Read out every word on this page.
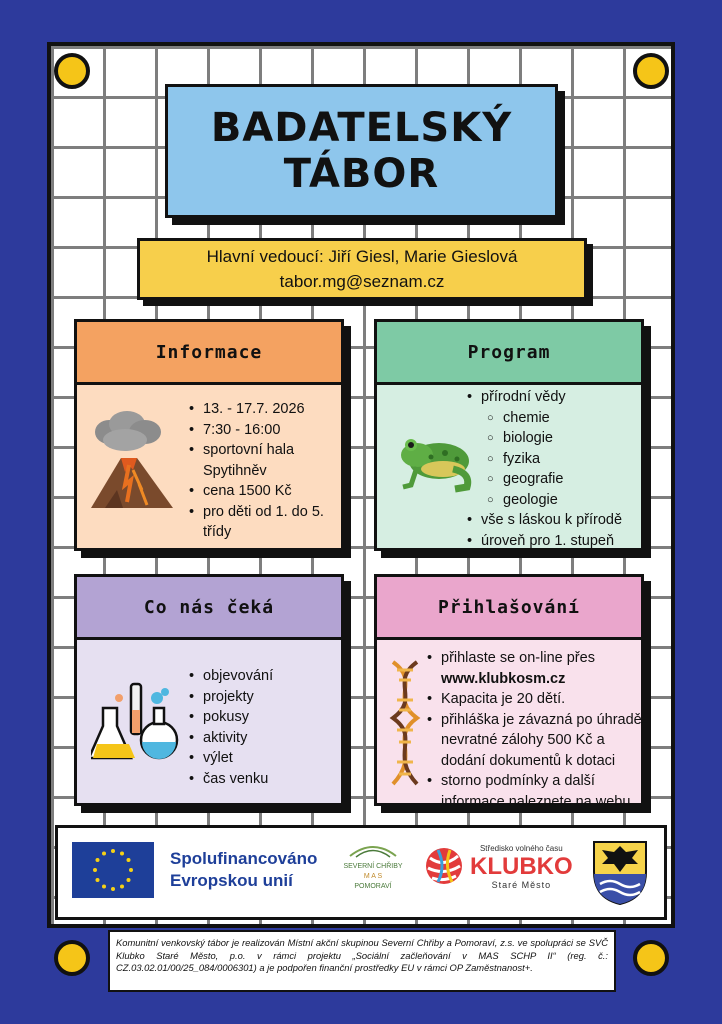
BADATELSKÝ
TÁBOR
Hlavní vedoucí: Jiří Giesl, Marie Gieslová
tabor.mg@seznam.cz
Informace
• 13. - 17.7. 2026
• 7:30 - 16:00
• sportovní hala Spytihněv
• cena 1500 Kč
• pro děti od 1. do 5. třídy
Program
• přírodní vědy
○ chemie
○ biologie
○ fyzika
○ geografie
○ geologie
• vše s láskou k přírodě
• úroveň pro 1. stupeň
Co nás čeká
• objevování
• projekty
• pokusy
• aktivity
• výlet
• čas venku
Přihlašování
• přihlaste se on-line přes
www.klubkosm.cz
• Kapacita je 20 dětí.
• přihláška je závazná po úhradě nevratné zálohy 500 Kč a dodání dokumentů k dotaci
• storno podmínky a další informace naleznete na webu
Spolufinancováno
Evropskou unií
SEVERNÍ CHŘIBY
M A S
POMORAVÍ
Středisko volného času
KLUBKO
Staré Město
Komunitní venkovský tábor je realizován Místní akční skupinou Severní Chřiby a Pomoraví, z.s. ve spolupráci se SVČ Klubko Staré Město, p.o. v rámci projektu „Sociální začleňování v MAS SCHP II“ (reg. č.: CZ.03.02.01/00/25_084/0006301) a je podpořen finanční prostředky EU v rámci OP Zaměstnanost+.
